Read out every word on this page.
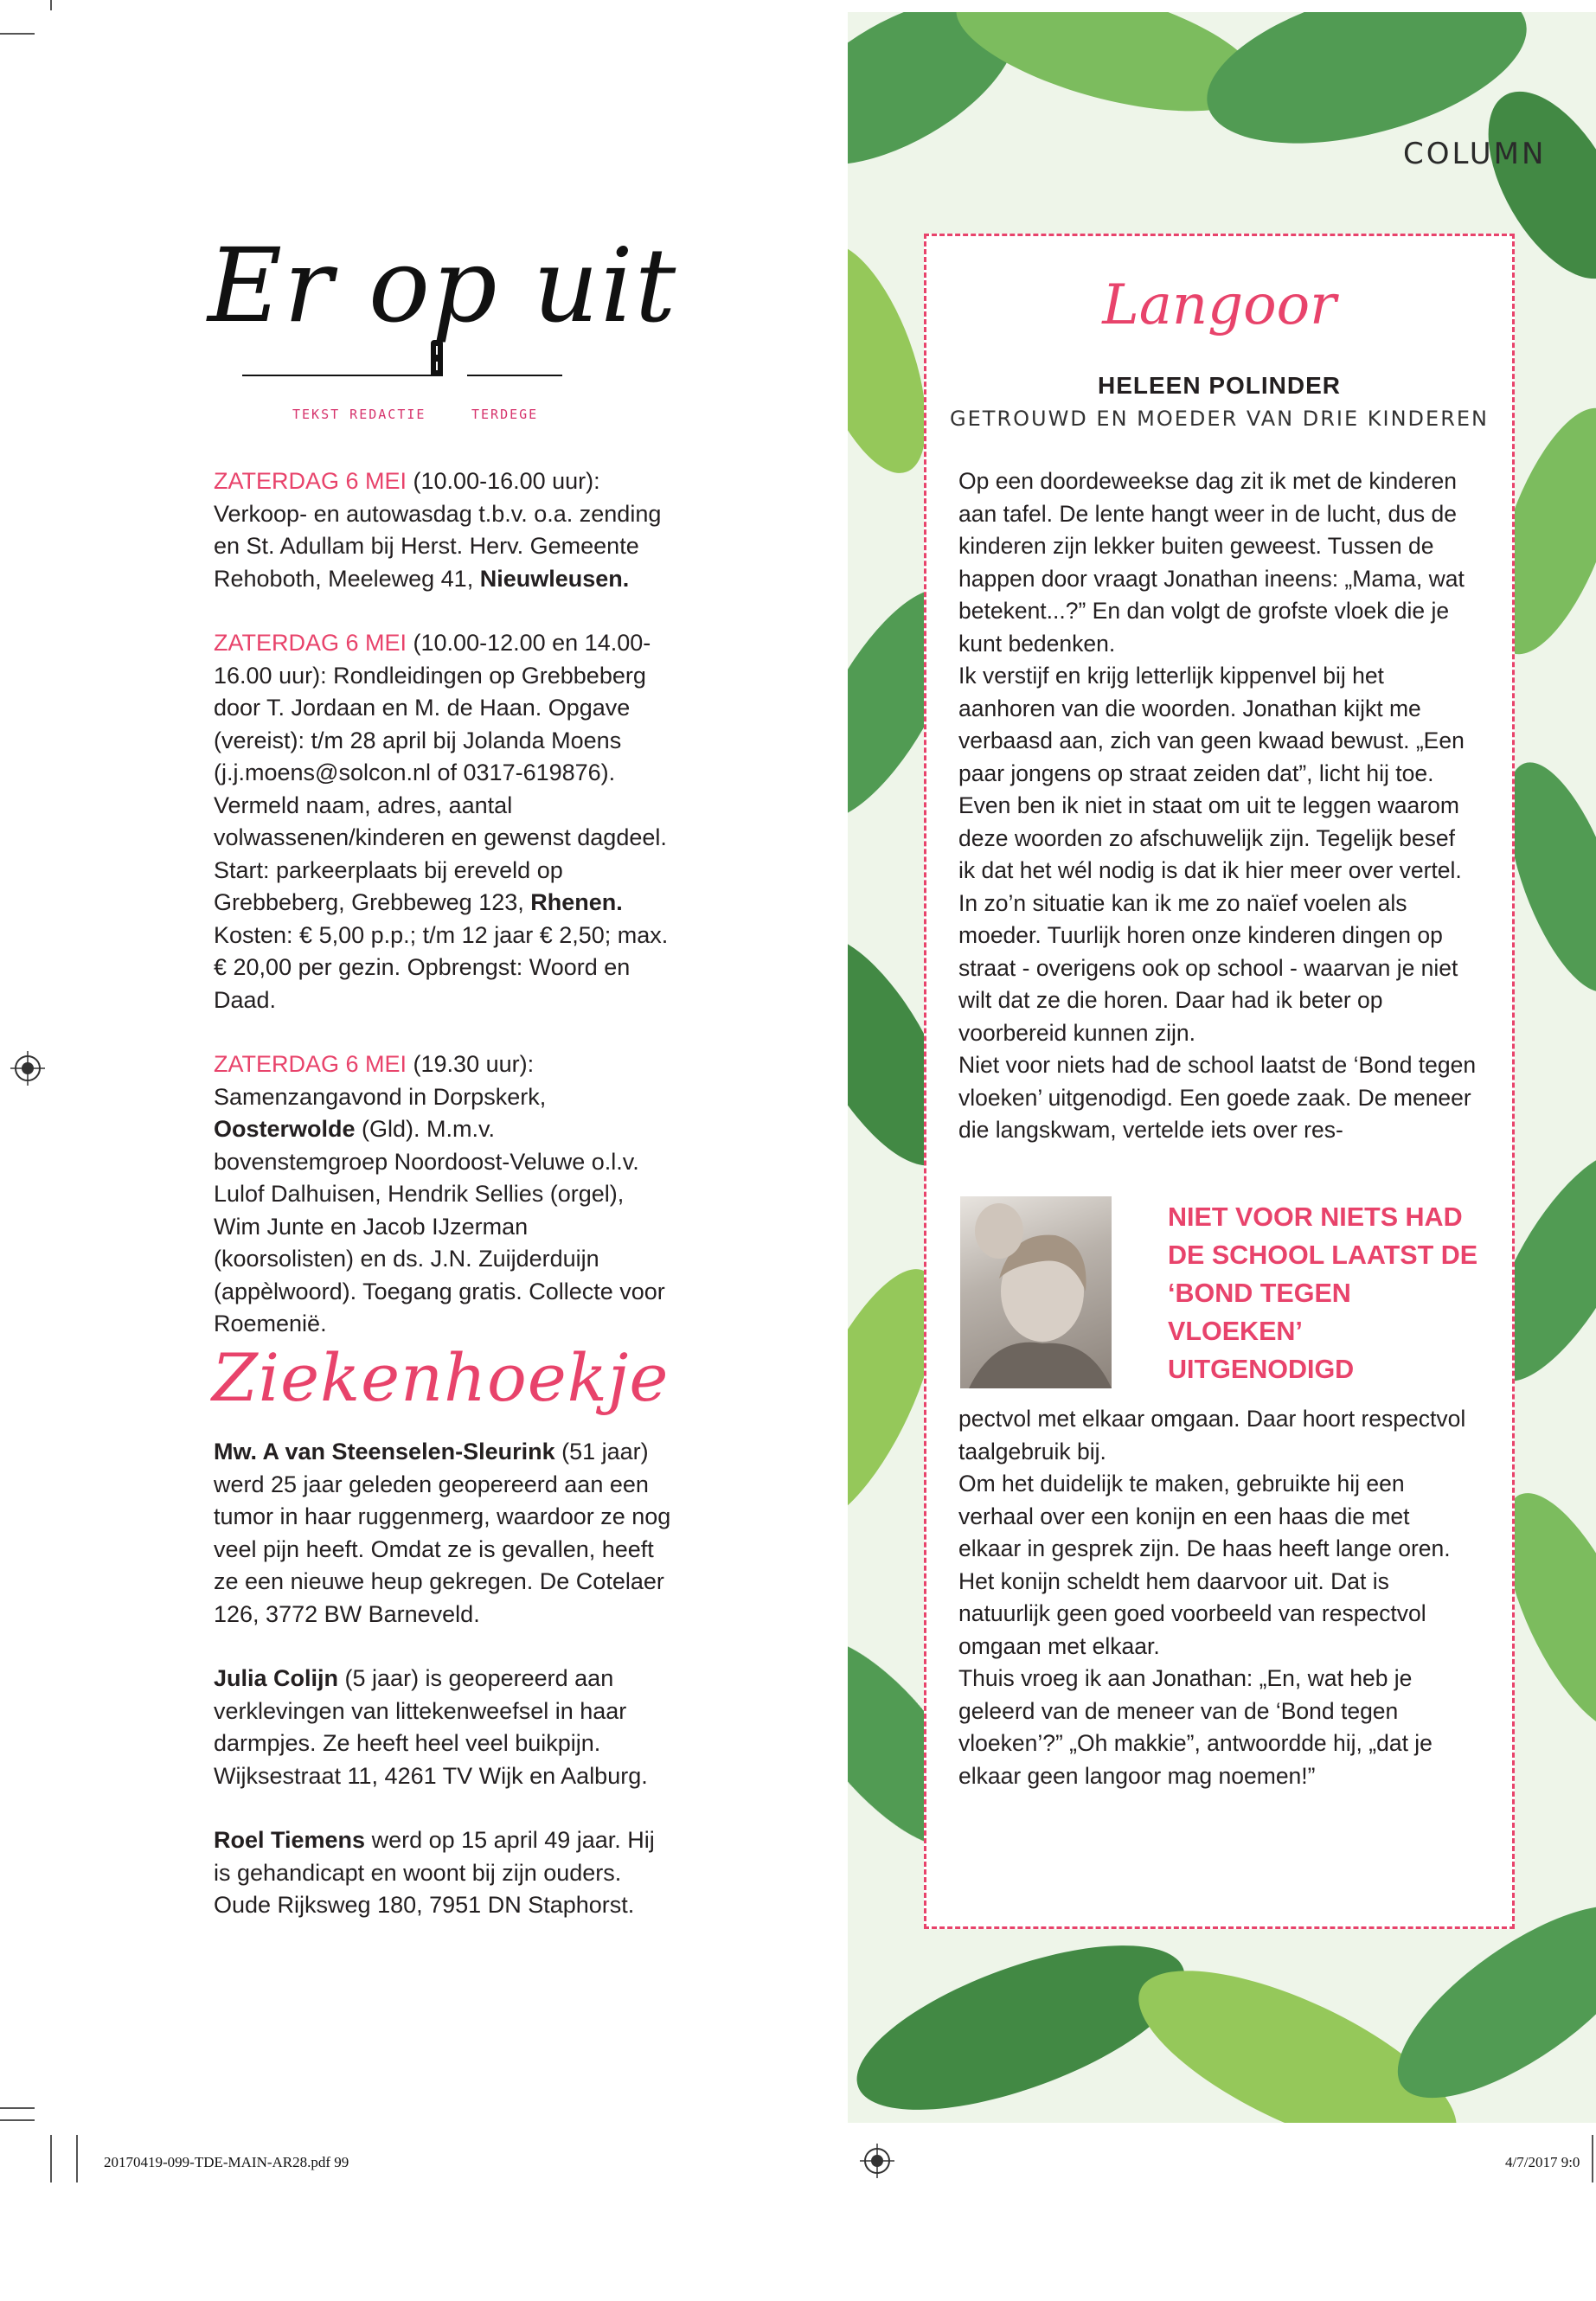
Er op uit
TEKST REDACTIE	TERDEGE
ZATERDAG 6 MEI (10.00-16.00 uur): Verkoop- en autowasdag t.b.v. o.a. zending en St. Adullam bij Herst. Herv. Gemeente Rehoboth, Meeleweg 41, Nieuwleusen.
ZATERDAG 6 MEI (10.00-12.00 en 14.00-16.00 uur): Rondleidingen op Grebbeberg door T. Jordaan en M. de Haan. Opgave (vereist): t/m 28 april bij Jolanda Moens (j.j.moens@solcon.nl of 0317-619876). Vermeld naam, adres, aantal volwassenen/kinderen en gewenst dagdeel. Start: parkeerplaats bij ereveld op Grebbeberg, Grebbeweg 123, Rhenen. Kosten: € 5,00 p.p.; t/m 12 jaar € 2,50; max. € 20,00 per gezin. Opbrengst: Woord en Daad.
ZATERDAG 6 MEI (19.30 uur): Samenzangavond in Dorpskerk, Oosterwolde (Gld). M.m.v. bovenstemgroep Noordoost-Veluwe o.l.v. Lulof Dalhuisen, Hendrik Sellies (orgel), Wim Junte en Jacob IJzerman (koorsolisten) en ds. J.N. Zuijderduijn (appèlwoord). Toegang gratis. Collecte voor Roemenië.
Ziekenhoekje
Mw. A van Steenselen-Sleurink (51 jaar) werd 25 jaar geleden geopereerd aan een tumor in haar ruggenmerg, waardoor ze nog veel pijn heeft. Omdat ze is gevallen, heeft ze een nieuwe heup gekregen. De Cotelaer 126, 3772 BW Barneveld.
Julia Colijn (5 jaar) is geopereerd aan verklevingen van littekenweefsel in haar darmpjes. Ze heeft heel veel buikpijn. Wijksestraat 11, 4261 TV Wijk en Aalburg.
Roel Tiemens werd op 15 april 49 jaar. Hij is gehandicapt en woont bij zijn ouders. Oude Rijksweg 180, 7951 DN Staphorst.
COLUMN
Langoor
HELEEN POLINDER
GETROUWD EN MOEDER VAN DRIE KINDEREN

Op een doordeweekse dag zit ik met de kinderen aan tafel. De lente hangt weer in de lucht, dus de kinderen zijn lekker buiten geweest. Tussen de happen door vraagt Jonathan ineens: „Mama, wat betekent...?” En dan volgt de grofste vloek die je kunt bedenken.

Ik verstijf en krijg letterlijk kippenvel bij het aanhoren van die woorden. Jonathan kijkt me verbaasd aan, zich van geen kwaad bewust. „Een paar jongens op straat zeiden dat”, licht hij toe. Even ben ik niet in staat om uit te leggen waarom deze woorden zo afschuwelijk zijn. Tegelijk besef ik dat het wél nodig is dat ik hier meer over vertel.

In zo’n situatie kan ik me zo naïef voelen als moeder. Tuurlijk horen onze kinderen dingen op straat - overigens ook op school - waarvan je niet wilt dat ze die horen. Daar had ik beter op voorbereid kunnen zijn.

Niet voor niets had de school laatst de ‘Bond tegen vloeken’ uitgenodigd. Een goede zaak. De meneer die langskwam, vertelde iets over res-

NIET VOOR NIETS HAD DE SCHOOL LAATST DE ‘BOND TEGEN VLOEKEN’ UITGENODIGD

pectvol met elkaar omgaan. Daar hoort respectvol taalgebruik bij.

Om het duidelijk te maken, gebruikte hij een verhaal over een konijn en een haas die met elkaar in gesprek zijn. De haas heeft lange oren. Het konijn scheldt hem daarvoor uit. Dat is natuurlijk geen goed voorbeeld van respectvol omgaan met elkaar.

Thuis vroeg ik aan Jonathan: „En, wat heb je geleerd van de meneer van de ‘Bond tegen vloeken’?” „Oh makkie”, antwoordde hij, „dat je elkaar geen langoor mag noemen!”

20170419-099-TDE-MAIN-AR28.pdf 99	4/7/2017 9:0
